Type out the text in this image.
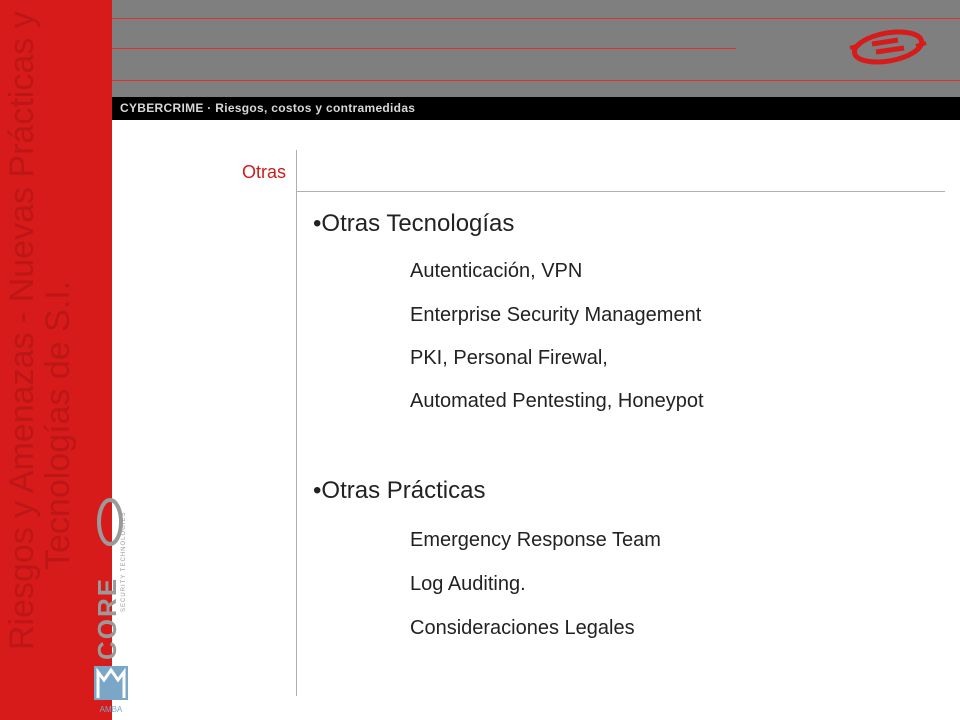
Riesgos y Amenazas - Nuevas Prácticas y
Tecnologías de S.I.
CYBERCRIME · Riesgos, costos y contramedidas
Otras
•Otras Tecnologías
Autenticación, VPN
Enterprise Security Management
PKI, Personal Firewal,
Automated Pentesting, Honeypot
•Otras Prácticas
Emergency Response Team
Log Auditing.
Consideraciones Legales
CORE
SECURITY TECHNOLOGIES
AMBA
